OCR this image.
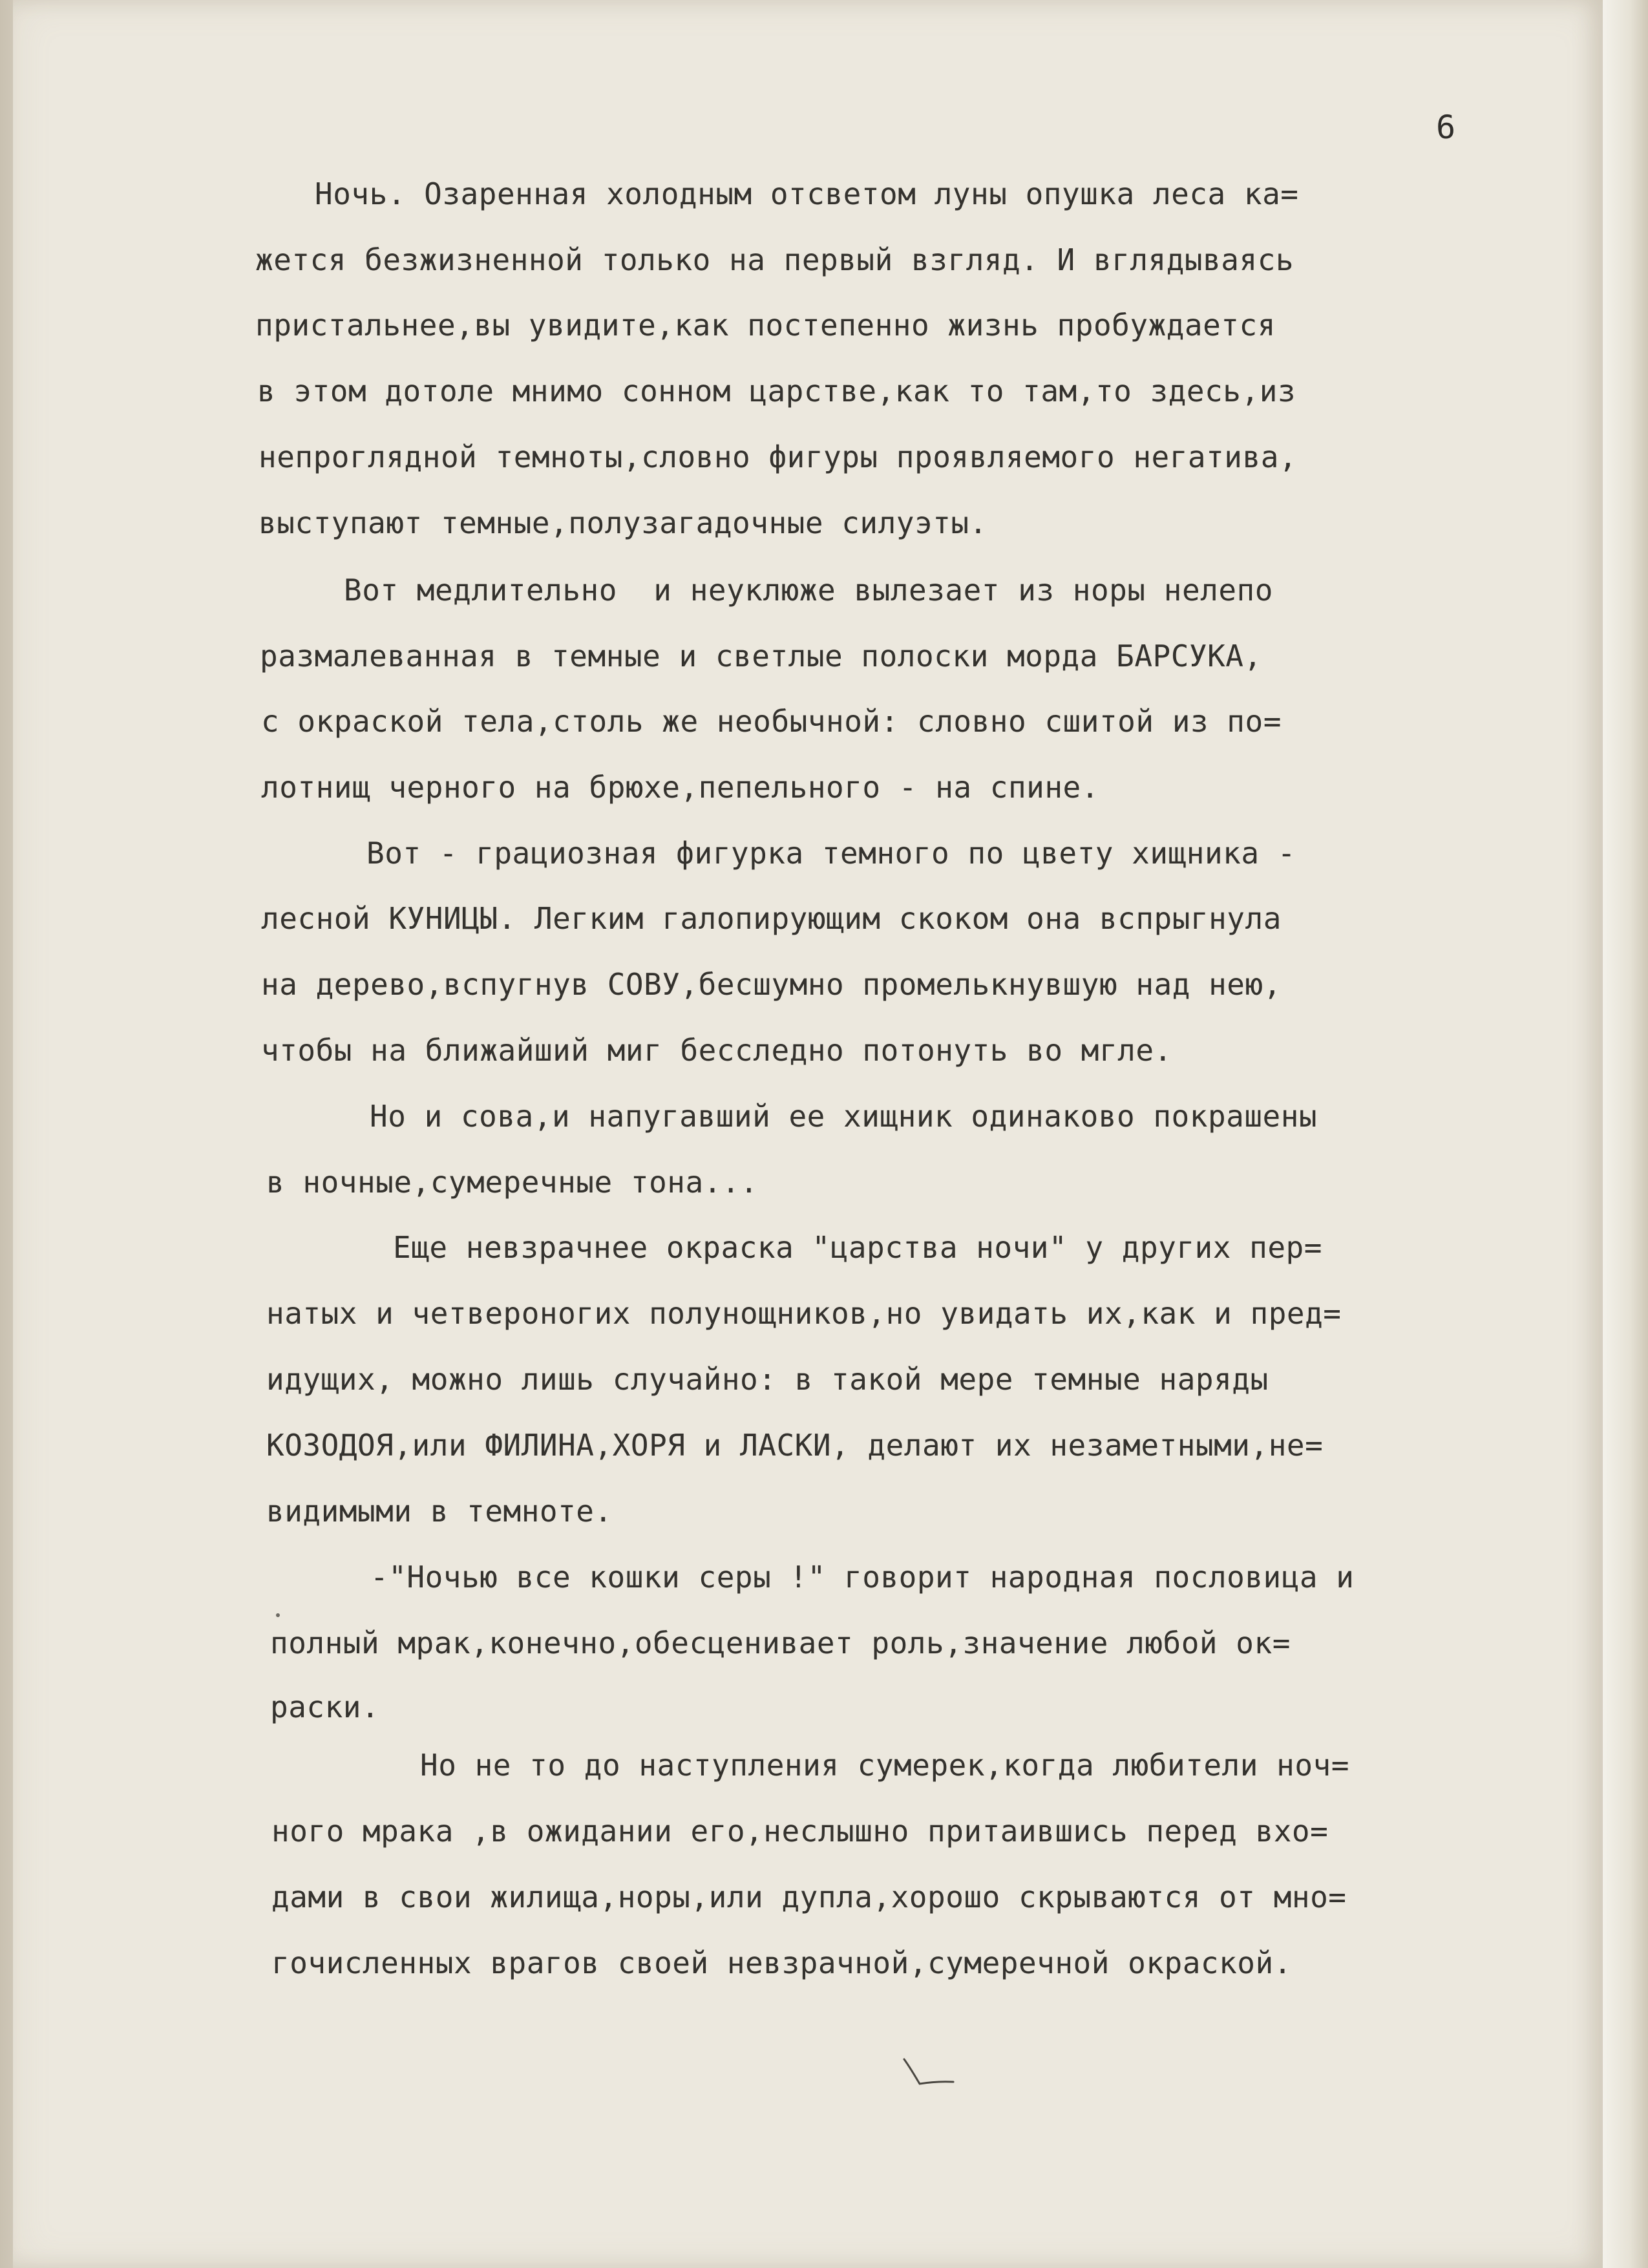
6
Ночь. Озаренная холодным отсветом луны опушка леса ка=
жется безжизненной только на первый взгляд. И вглядываясь
пристальнее,вы увидите,как постепенно жизнь пробуждается
в этом дотоле мнимо сонном царстве,как то там,то здесь,из
непроглядной темноты,словно фигуры проявляемого негатива,
выступают темные,полузагадочные силуэты.
Вот медлительно  и неуклюже вылезает из норы нелепо
размалеванная в темные и светлые полоски морда БАРСУКА,
с окраской тела,столь же необычной: словно сшитой из по=
лотнищ черного на брюхе,пепельного - на спине.
Вот - грациозная фигурка темного по цвету хищника -
лесной КУНИЦЫ. Легким галопирующим скоком она вспрыгнула
на дерево,вспугнув СОВУ,бесшумно промелькнувшую над нею,
чтобы на ближайший миг бесследно потонуть во мгле.
Но и сова,и напугавший ее хищник одинаково покрашены
в ночные,сумеречные тона...
Еще невзрачнее окраска "царства ночи" у других пер=
натых и четвероногих полунощников,но увидать их,как и пред=
идущих, можно лишь случайно: в такой мере темные наряды
КОЗОДОЯ,или ФИЛИНА,ХОРЯ и ЛАСКИ, делают их незаметными,не=
видимыми в темноте.
-"Ночью все кошки серы !" говорит народная пословица и
полный мрак,конечно,обесценивает роль,значение любой ок=
раски.
Но не то до наступления сумерек,когда любители ноч=
ного мрака ,в ожидании его,неслышно притаившись перед вхо=
дами в свои жилища,норы,или дупла,хорошо скрываются от мно=
гочисленных врагов своей невзрачной,сумеречной окраской.
